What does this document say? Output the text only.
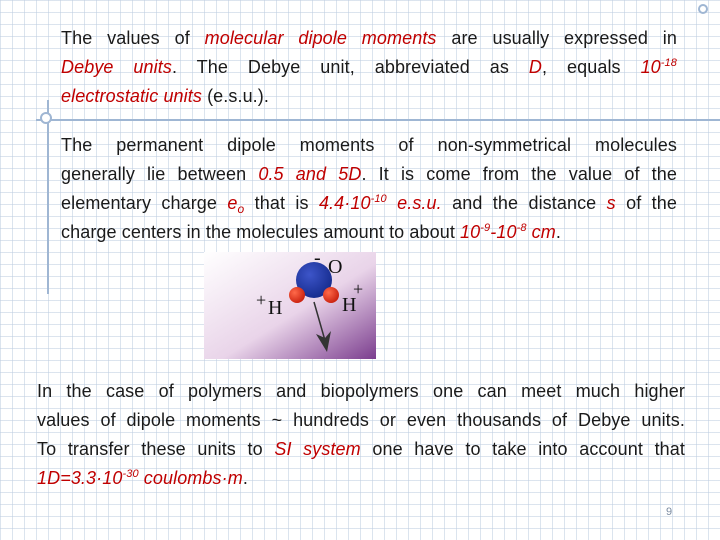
The values of molecular dipole moments are usually expressed in
Debye units. The Debye unit, abbreviated as D, equals $10^{-18}$
electrostatic units (e.s.u.).
The permanent dipole moments of non-symmetrical molecules
generally lie between 0.5 and 5D. It is come from the value of the
elementary charge $e_o$ that is $4.4\cdot 10^{-10}$ e.s.u. and the distance s of the
charge centers in the molecules amount to about $10^{-9}-10^{-8}$ cm.
O
-
H
+	H
+
In the case of polymers and biopolymers one can meet much higher
values of dipole moments ~ hundreds or even thousands of Debye units.
To transfer these units to SI system one have to take into account that
$1D=3.3\cdot 10^{-30}$ coulombs·m.
9
